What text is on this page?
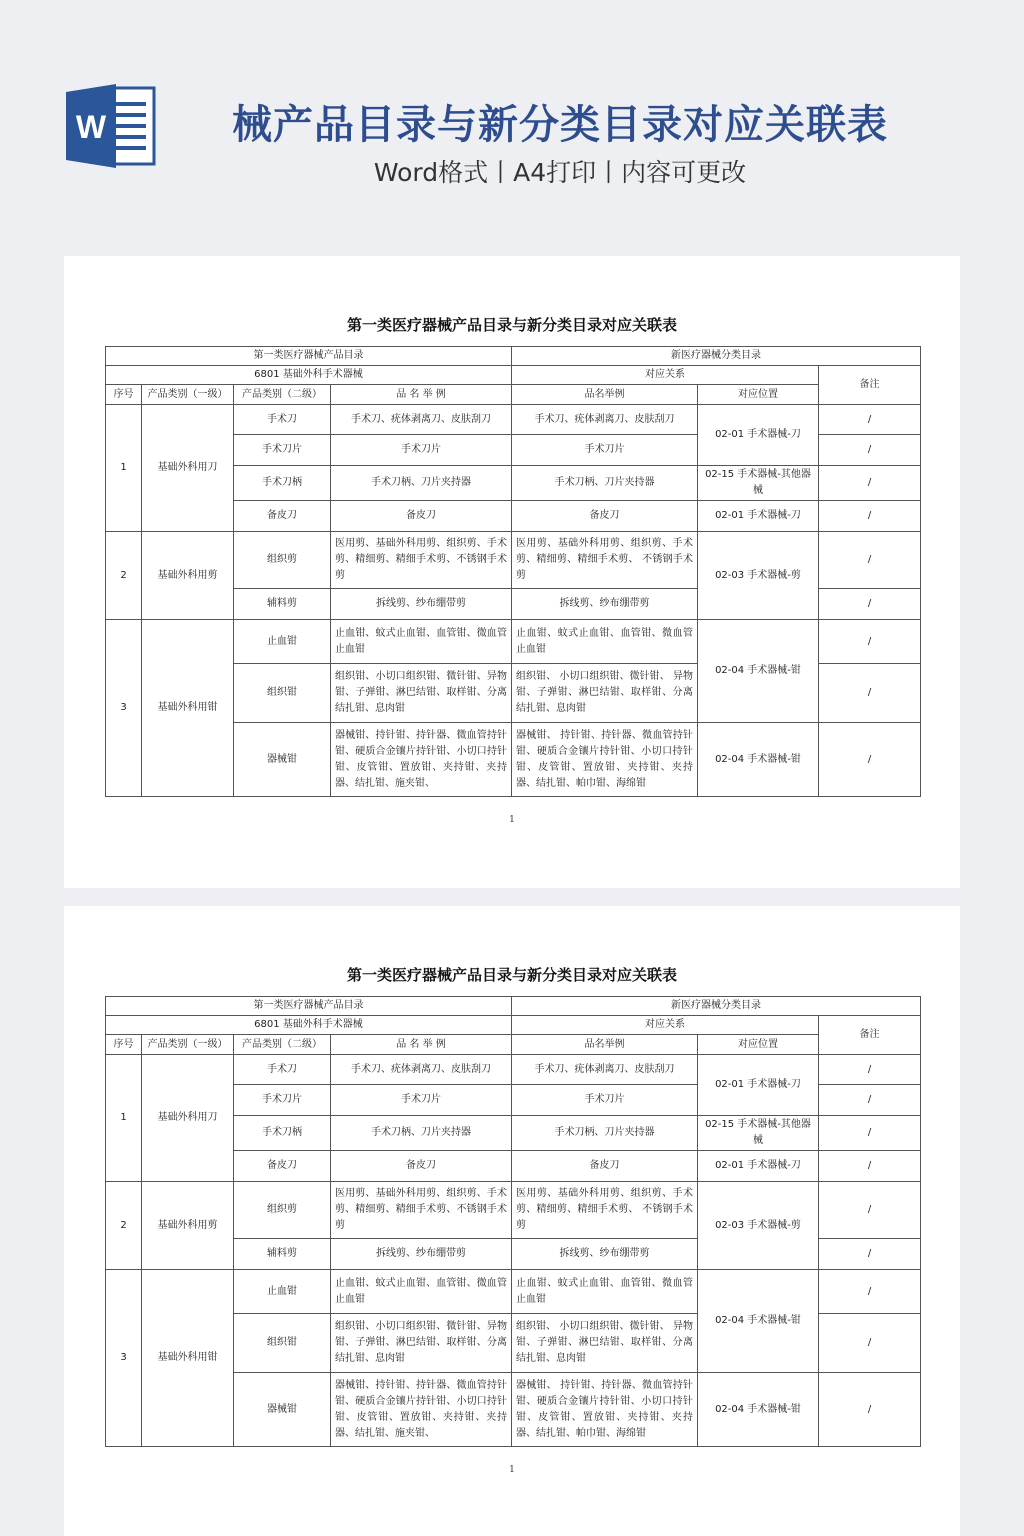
W	械产品目录与新分类目录对应关联表
Word格式丨A4打印丨内容可更改
第一类医疗器械产品目录与新分类目录对应关联表
第一类医疗器械产品目录				新医疗器械分类目录		
6801 基础外科手术器械				对应关系		备注
序号	产品类别（一级）	产品类别（二级）	品 名 举 例	品名举例	对应位置	
1	基础外科用刀	手术刀	手术刀、疣体剥离刀、皮肤刮刀	手术刀、疣体剥离刀、皮肤刮刀	02-01 手术器械-刀	/
		手术刀片	手术刀片	手术刀片		/
		手术刀柄	手术刀柄、刀片夹持器	手术刀柄、刀片夹持器	02-15 手术器械-其他器械	/
		备皮刀	备皮刀	备皮刀	02-01 手术器械-刀	/
2	基础外科用剪	组织剪	医用剪、基础外科用剪、组织剪、手术剪、精细剪、精细手术剪、不锈钢手术剪	医用剪、基础外科用剪、组织剪、手术剪、精细剪、精细手术剪、 不锈钢手术剪	02-03 手术器械-剪	/
		辅料剪	拆线剪、纱布绷带剪	拆线剪、纱布绷带剪		/
3	基础外科用钳	止血钳	止血钳、蚊式止血钳、血管钳、微血管止血钳	止血钳、蚊式止血钳、血管钳、微血管止血钳	02-04 手术器械-钳	/
		组织钳	组织钳、小切口组织钳、微针钳、异物钳、子弹钳、淋巴结钳、取样钳、分离结扎钳、息肉钳	组织钳、 小切口组织钳、微针钳、 异物钳、子弹钳、淋巴结钳、取样钳、分离结扎钳、息肉钳		/
		器械钳	器械钳、持针钳、持针器、微血管持针钳、硬质合金镶片持针钳、小切口持针钳、皮管钳、置放钳、夹持钳、夹持器、结扎钳、施夹钳、	器械钳、 持针钳、持针器、微血管持针钳、硬质合金镶片持针钳、小切口持针钳、皮管钳、置放钳、夹持钳、夹持器、结扎钳、帕巾钳、海绵钳	02-04 手术器械-钳	/
1
第一类医疗器械产品目录与新分类目录对应关联表
第一类医疗器械产品目录				新医疗器械分类目录		
6801 基础外科手术器械				对应关系		备注
序号	产品类别（一级）	产品类别（二级）	品 名 举 例	品名举例	对应位置	
1	基础外科用刀	手术刀	手术刀、疣体剥离刀、皮肤刮刀	手术刀、疣体剥离刀、皮肤刮刀	02-01 手术器械-刀	/
		手术刀片	手术刀片	手术刀片		/
		手术刀柄	手术刀柄、刀片夹持器	手术刀柄、刀片夹持器	02-15 手术器械-其他器械	/
		备皮刀	备皮刀	备皮刀	02-01 手术器械-刀	/
2	基础外科用剪	组织剪	医用剪、基础外科用剪、组织剪、手术剪、精细剪、精细手术剪、不锈钢手术剪	医用剪、基础外科用剪、组织剪、手术剪、精细剪、精细手术剪、 不锈钢手术剪	02-03 手术器械-剪	/
		辅料剪	拆线剪、纱布绷带剪	拆线剪、纱布绷带剪		/
3	基础外科用钳	止血钳	止血钳、蚊式止血钳、血管钳、微血管止血钳	止血钳、蚊式止血钳、血管钳、微血管止血钳	02-04 手术器械-钳	/
		组织钳	组织钳、小切口组织钳、微针钳、异物钳、子弹钳、淋巴结钳、取样钳、分离结扎钳、息肉钳	组织钳、 小切口组织钳、微针钳、 异物钳、子弹钳、淋巴结钳、取样钳、分离结扎钳、息肉钳		/
		器械钳	器械钳、持针钳、持针器、微血管持针钳、硬质合金镶片持针钳、小切口持针钳、皮管钳、置放钳、夹持钳、夹持器、结扎钳、施夹钳、	器械钳、 持针钳、持针器、微血管持针钳、硬质合金镶片持针钳、小切口持针钳、皮管钳、置放钳、夹持钳、夹持器、结扎钳、帕巾钳、海绵钳	02-04 手术器械-钳	/
1
